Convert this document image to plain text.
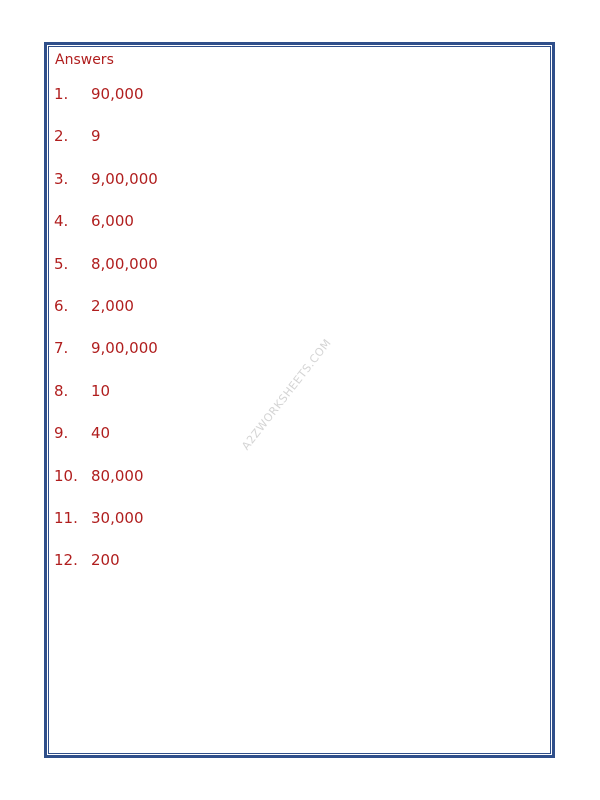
Answers
1.	90,000
2.	9
3.	9,00,000
4.	6,000
5.	8,00,000
6.	2,000
7.	9,00,000
8.	10
9.	40
10. 80,000
11. 30,000
12. 200
A2ZWORKSHEETS.COM
